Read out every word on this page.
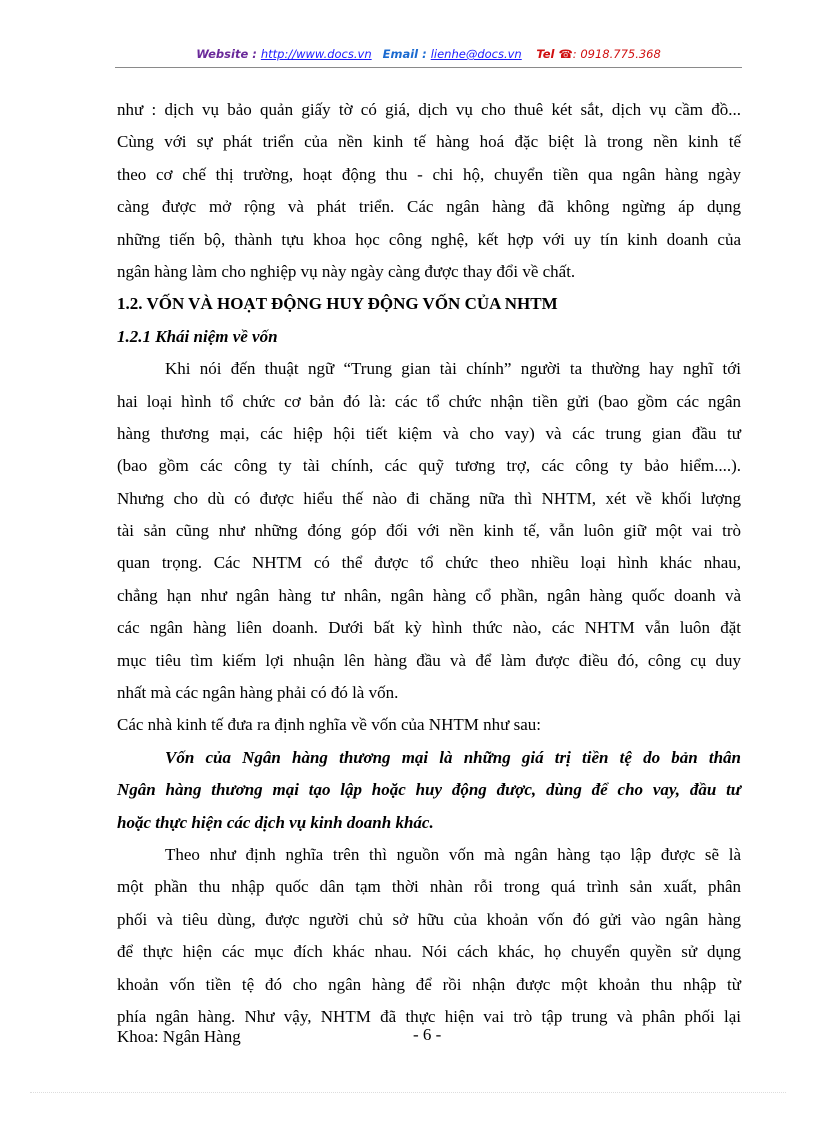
Website : http://www.docs.vn Email : lienhe@docs.vn Tel ☎: 0918.775.368
như : dịch vụ bảo quản giấy tờ có giá, dịch vụ cho thuê két sắt, dịch vụ cầm đồ...
Cùng với sự phát triển của nền kinh tế hàng hoá đặc biệt là trong nền kinh tế
theo cơ chế thị trường, hoạt động thu - chi hộ, chuyển tiền qua ngân hàng ngày
càng được mở rộng và phát triển. Các ngân hàng đã không ngừng áp dụng
những tiến bộ, thành tựu khoa học công nghệ, kết hợp với uy tín kinh doanh của
ngân hàng làm cho nghiệp vụ này ngày càng được thay đổi về chất.
1.2. VỐN VÀ HOẠT ĐỘNG HUY ĐỘNG VỐN CỦA NHTM
1.2.1 Khái niệm về vốn
Khi nói đến thuật ngữ “Trung gian tài chính” người ta thường hay nghĩ tới
hai loại hình tổ chức cơ bản đó là: các tổ chức nhận tiền gửi (bao gồm các ngân
hàng thương mại, các hiệp hội tiết kiệm và cho vay) và các trung gian đầu tư
(bao gồm các công ty tài chính, các quỹ tương trợ, các công ty bảo hiểm....).
Nhưng cho dù có được hiểu thế nào đi chăng nữa thì NHTM, xét về khối lượng
tài sản cũng như những đóng góp đối với nền kinh tế, vẫn luôn giữ một vai trò
quan trọng. Các NHTM có thể được tổ chức theo nhiều loại hình khác nhau,
chẳng hạn như ngân hàng tư nhân, ngân hàng cổ phần, ngân hàng quốc doanh và
các ngân hàng liên doanh. Dưới bất kỳ hình thức nào, các NHTM vẫn luôn đặt
mục tiêu tìm kiếm lợi nhuận lên hàng đầu và để làm được điều đó, công cụ duy
nhất mà các ngân hàng phải có đó là vốn.
Các nhà kinh tế đưa ra định nghĩa về vốn của NHTM như sau:
Vốn của Ngân hàng thương mại là những giá trị tiền tệ do bản thân
Ngân hàng thương mại tạo lập hoặc huy động được, dùng để cho vay, đầu tư
hoặc thực hiện các dịch vụ kinh doanh khác.
Theo như định nghĩa trên thì nguồn vốn mà ngân hàng tạo lập được sẽ là
một phần thu nhập quốc dân tạm thời nhàn rỗi trong quá trình sản xuất, phân
phối và tiêu dùng, được người chủ sở hữu của khoản vốn đó gửi vào ngân hàng
để thực hiện các mục đích khác nhau. Nói cách khác, họ chuyển quyền sử dụng
khoản vốn tiền tệ đó cho ngân hàng để rồi nhận được một khoản thu nhập từ
phía ngân hàng. Như vậy, NHTM đã thực hiện vai trò tập trung và phân phối lại
Khoa: Ngân Hàng	- 6 -
